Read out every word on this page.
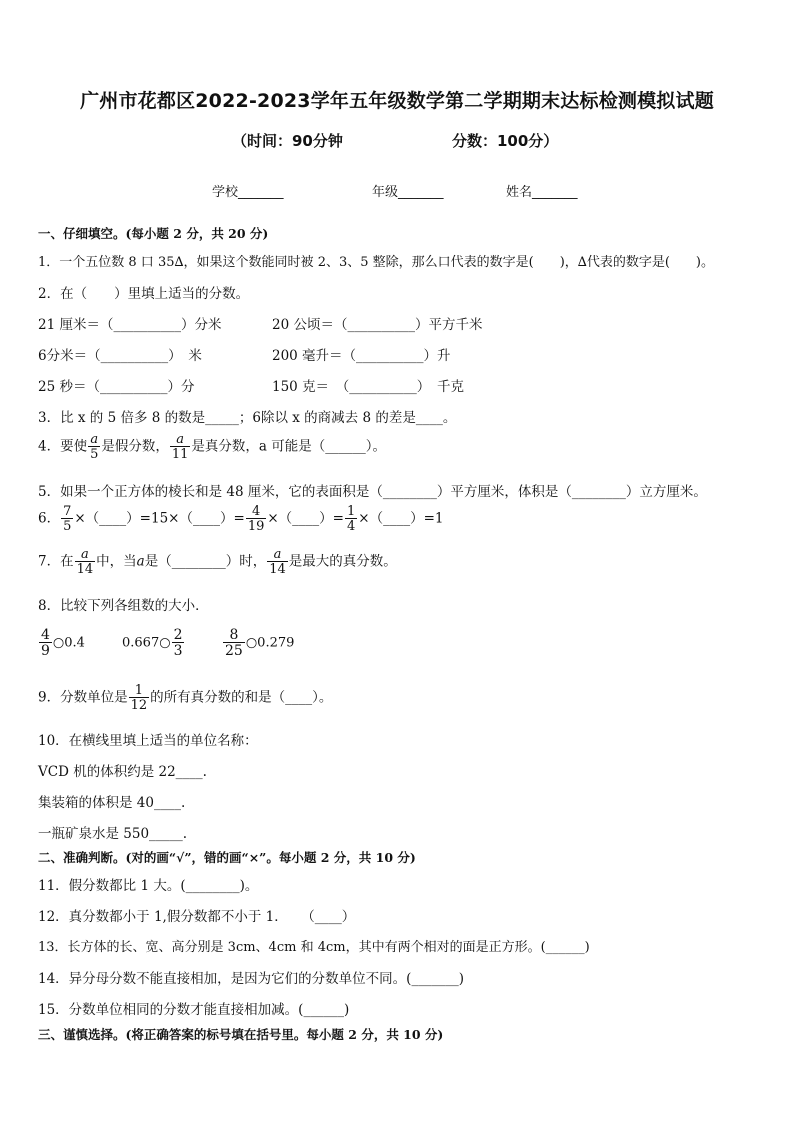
广州市花都区2022-2023学年五年级数学第二学期期末达标检测模拟试题
（时间：90分钟	分数：100分）
学校_______	年级_______	姓名_______
一、仔细填空。(每小题 2 分，共 20 分)
1．一个五位数 8 口 35∆，如果这个数能同时被 2、3、5 整除，那么口代表的数字是(　　)，∆代表的数字是(　　)。
2．在（　　）里填上适当的分数。
21 厘米＝（__________）分米	20 公顷＝（__________）平方千米
6分米＝（__________）　米	200 毫升＝（__________）升
25 秒＝（__________）分	150 克＝　（__________）　千克
3．比 x 的 5 倍多 8 的数是_____；6除以 x 的商减去 8 的差是____。
4．要使 $\frac{a}{5}$ 是假分数， $\frac{a}{11}$ 是真分数，a 可能是（______）。
5．如果一个正方体的棱长和是 48 厘米，它的表面积是（________）平方厘米，体积是（________）立方厘米。
6． $\frac{7}{5}$ ×（____）=15×（____）= $\frac{4}{19}$ ×（____）= $\frac{1}{4}$ ×（____）=1
7．在 $\frac{a}{14}$ 中，当a是（________）时， $\frac{a}{14}$ 是最大的真分数。
8．比较下列各组数的大小．
$\frac{4}{9}$ ○0.4	0.667○ $\frac{2}{3}$	$\frac{8}{25}$ ○0.279
9．分数单位是 $\frac{1}{12}$ 的所有真分数的和是（____）。
10．在横线里填上适当的单位名称：
VCD 机的体积约是 22____.
集装箱的体积是 40____.
一瓶矿泉水是 550_____.
二、准确判断。(对的画“√”，错的画“×”。每小题 2 分，共 10 分)
11．假分数都比 1 大。(________)。
12．真分数都小于 1,假分数都不小于 1．　　（____）
13．长方体的长、宽、高分别是 3cm、4cm 和 4cm，其中有两个相对的面是正方形。(______)
14．异分母分数不能直接相加，是因为它们的分数单位不同。(_______)
15．分数单位相同的分数才能直接相加减。(______)
三、谨慎选择。(将正确答案的标号填在括号里。每小题 2 分，共 10 分)
